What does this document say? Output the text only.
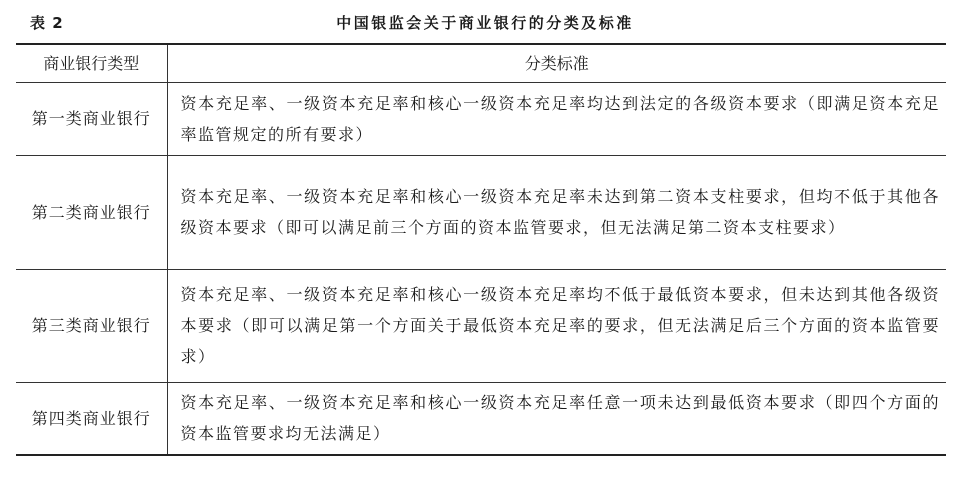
表 2	中国银监会关于商业银行的分类及标准
商业银行类型	分类标准
第一类商业银行	资本充足率、一级资本充足率和核心一级资本充足率均达到法定的各级资本要求（即满足资本充足率监管规定的所有要求）
第二类商业银行	资本充足率、一级资本充足率和核心一级资本充足率未达到第二资本支柱要求，但均不低于其他各级资本要求（即可以满足前三个方面的资本监管要求，但无法满足第二资本支柱要求）
第三类商业银行	资本充足率、一级资本充足率和核心一级资本充足率均不低于最低资本要求，但未达到其他各级资本要求（即可以满足第一个方面关于最低资本充足率的要求，但无法满足后三个方面的资本监管要求）
第四类商业银行	资本充足率、一级资本充足率和核心一级资本充足率任意一项未达到最低资本要求（即四个方面的资本监管要求均无法满足）
